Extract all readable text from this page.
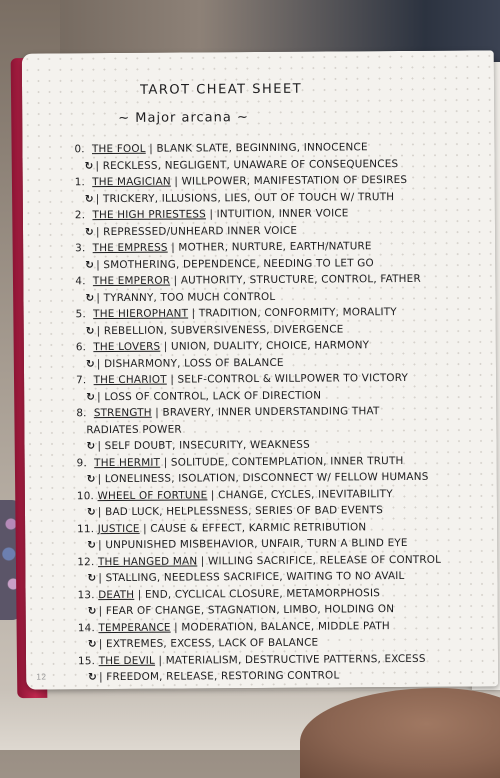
TAROT CHEAT SHEET
~ Major arcana ~
0. THE FOOL | BLANK SLATE, BEGINNING, INNOCENCE
↻ | RECKLESS, NEGLIGENT, UNAWARE OF CONSEQUENCES
1. THE MAGICIAN | WILLPOWER, MANIFESTATION OF DESIRES
↻ | TRICKERY, ILLUSIONS, LIES, OUT OF TOUCH W/ TRUTH
2. THE HIGH PRIESTESS | INTUITION, INNER VOICE
↻ | REPRESSED/UNHEARD INNER VOICE
3. THE EMPRESS | MOTHER, NURTURE, EARTH/NATURE
↻ | SMOTHERING, DEPENDENCE, NEEDING TO LET GO
4. THE EMPEROR | AUTHORITY, STRUCTURE, CONTROL, FATHER
↻ | TYRANNY, TOO MUCH CONTROL
5. THE HIEROPHANT | TRADITION, CONFORMITY, MORALITY
↻ | REBELLION, SUBVERSIVENESS, DIVERGENCE
6. THE LOVERS | UNION, DUALITY, CHOICE, HARMONY
↻ | DISHARMONY, LOSS OF BALANCE
7. THE CHARIOT | SELF-CONTROL & WILLPOWER TO VICTORY
↻ | LOSS OF CONTROL, LACK OF DIRECTION
8. STRENGTH | BRAVERY, INNER UNDERSTANDING THAT
RADIATES POWER
↻ | SELF DOUBT, INSECURITY, WEAKNESS
9. THE HERMIT | SOLITUDE, CONTEMPLATION, INNER TRUTH
↻ | LONELINESS, ISOLATION, DISCONNECT W/ FELLOW HUMANS
10. WHEEL OF FORTUNE | CHANGE, CYCLES, INEVITABILITY
↻ | BAD LUCK, HELPLESSNESS, SERIES OF BAD EVENTS
11. JUSTICE | CAUSE & EFFECT, KARMIC RETRIBUTION
↻ | UNPUNISHED MISBEHAVIOR, UNFAIR, TURN A BLIND EYE
12. THE HANGED MAN | WILLING SACRIFICE, RELEASE OF CONTROL
↻ | STALLING, NEEDLESS SACRIFICE, WAITING TO NO AVAIL
13. DEATH | END, CYCLICAL CLOSURE, METAMORPHOSIS
↻ | FEAR OF CHANGE, STAGNATION, LIMBO, HOLDING ON
14. TEMPERANCE | MODERATION, BALANCE, MIDDLE PATH
↻ | EXTREMES, EXCESS, LACK OF BALANCE
15. THE DEVIL | MATERIALISM, DESTRUCTIVE PATTERNS, EXCESS
↻ | FREEDOM, RELEASE, RESTORING CONTROL
12
